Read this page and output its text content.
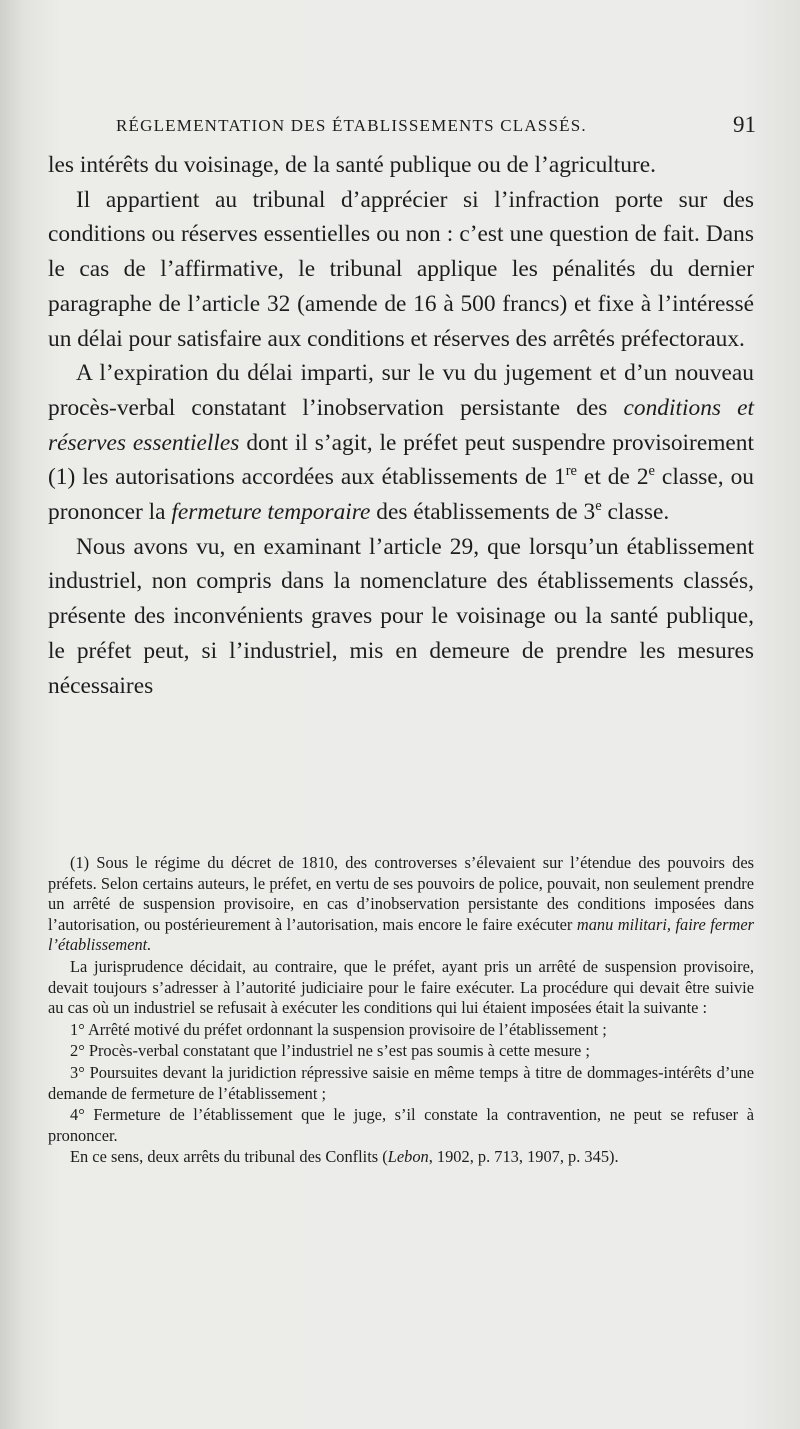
RÉGLEMENTATION DES ÉTABLISSEMENTS CLASSÉS.	91

les intérêts du voisinage, de la santé publique ou de l’agriculture.

Il appartient au tribunal d’apprécier si l’infraction porte sur des conditions ou réserves essentielles ou non : c’est une question de fait. Dans le cas de l’affirmative, le tribunal applique les pénalités du dernier paragraphe de l’article 32 (amende de 16 à 500 francs) et fixe à l’intéressé un délai pour satisfaire aux conditions et réserves des arrêtés préfectoraux.

A l’expiration du délai imparti, sur le vu du jugement et d’un nouveau procès-verbal constatant l’inobservation persistante des conditions et réserves essentielles dont il s’agit, le préfet peut suspendre provisoirement (1) les autorisations accordées aux établissements de 1re et de 2e classe, ou prononcer la fermeture temporaire des établissements de 3e classe.

Nous avons vu, en examinant l’article 29, que lorsqu’un établissement industriel, non compris dans la nomenclature des établissements classés, présente des inconvénients graves pour le voisinage ou la santé publique, le préfet peut, si l’industriel, mis en demeure de prendre les mesures nécessaires

(1) Sous le régime du décret de 1810, des controverses s’élevaient sur l’étendue des pouvoirs des préfets. Selon certains auteurs, le préfet, en vertu de ses pouvoirs de police, pouvait, non seulement prendre un arrêté de suspension provisoire, en cas d’inobservation persistante des conditions imposées dans l’autorisation, ou postérieurement à l’autorisation, mais encore le faire exécuter manu militari, faire fermer l’établissement.

La jurisprudence décidait, au contraire, que le préfet, ayant pris un arrêté de suspension provisoire, devait toujours s’adresser à l’autorité judiciaire pour le faire exécuter. La procédure qui devait être suivie au cas où un industriel se refusait à exécuter les conditions qui lui étaient imposées était la suivante :

1° Arrêté motivé du préfet ordonnant la suspension provisoire de l’établissement ;

2° Procès-verbal constatant que l’industriel ne s’est pas soumis à cette mesure ;

3° Poursuites devant la juridiction répressive saisie en même temps à titre de dommages-intérêts d’une demande de fermeture de l’établissement ;

4° Fermeture de l’établissement que le juge, s’il constate la contravention, ne peut se refuser à prononcer.

En ce sens, deux arrêts du tribunal des Conflits (Lebon, 1902, p. 713, 1907, p. 345).
